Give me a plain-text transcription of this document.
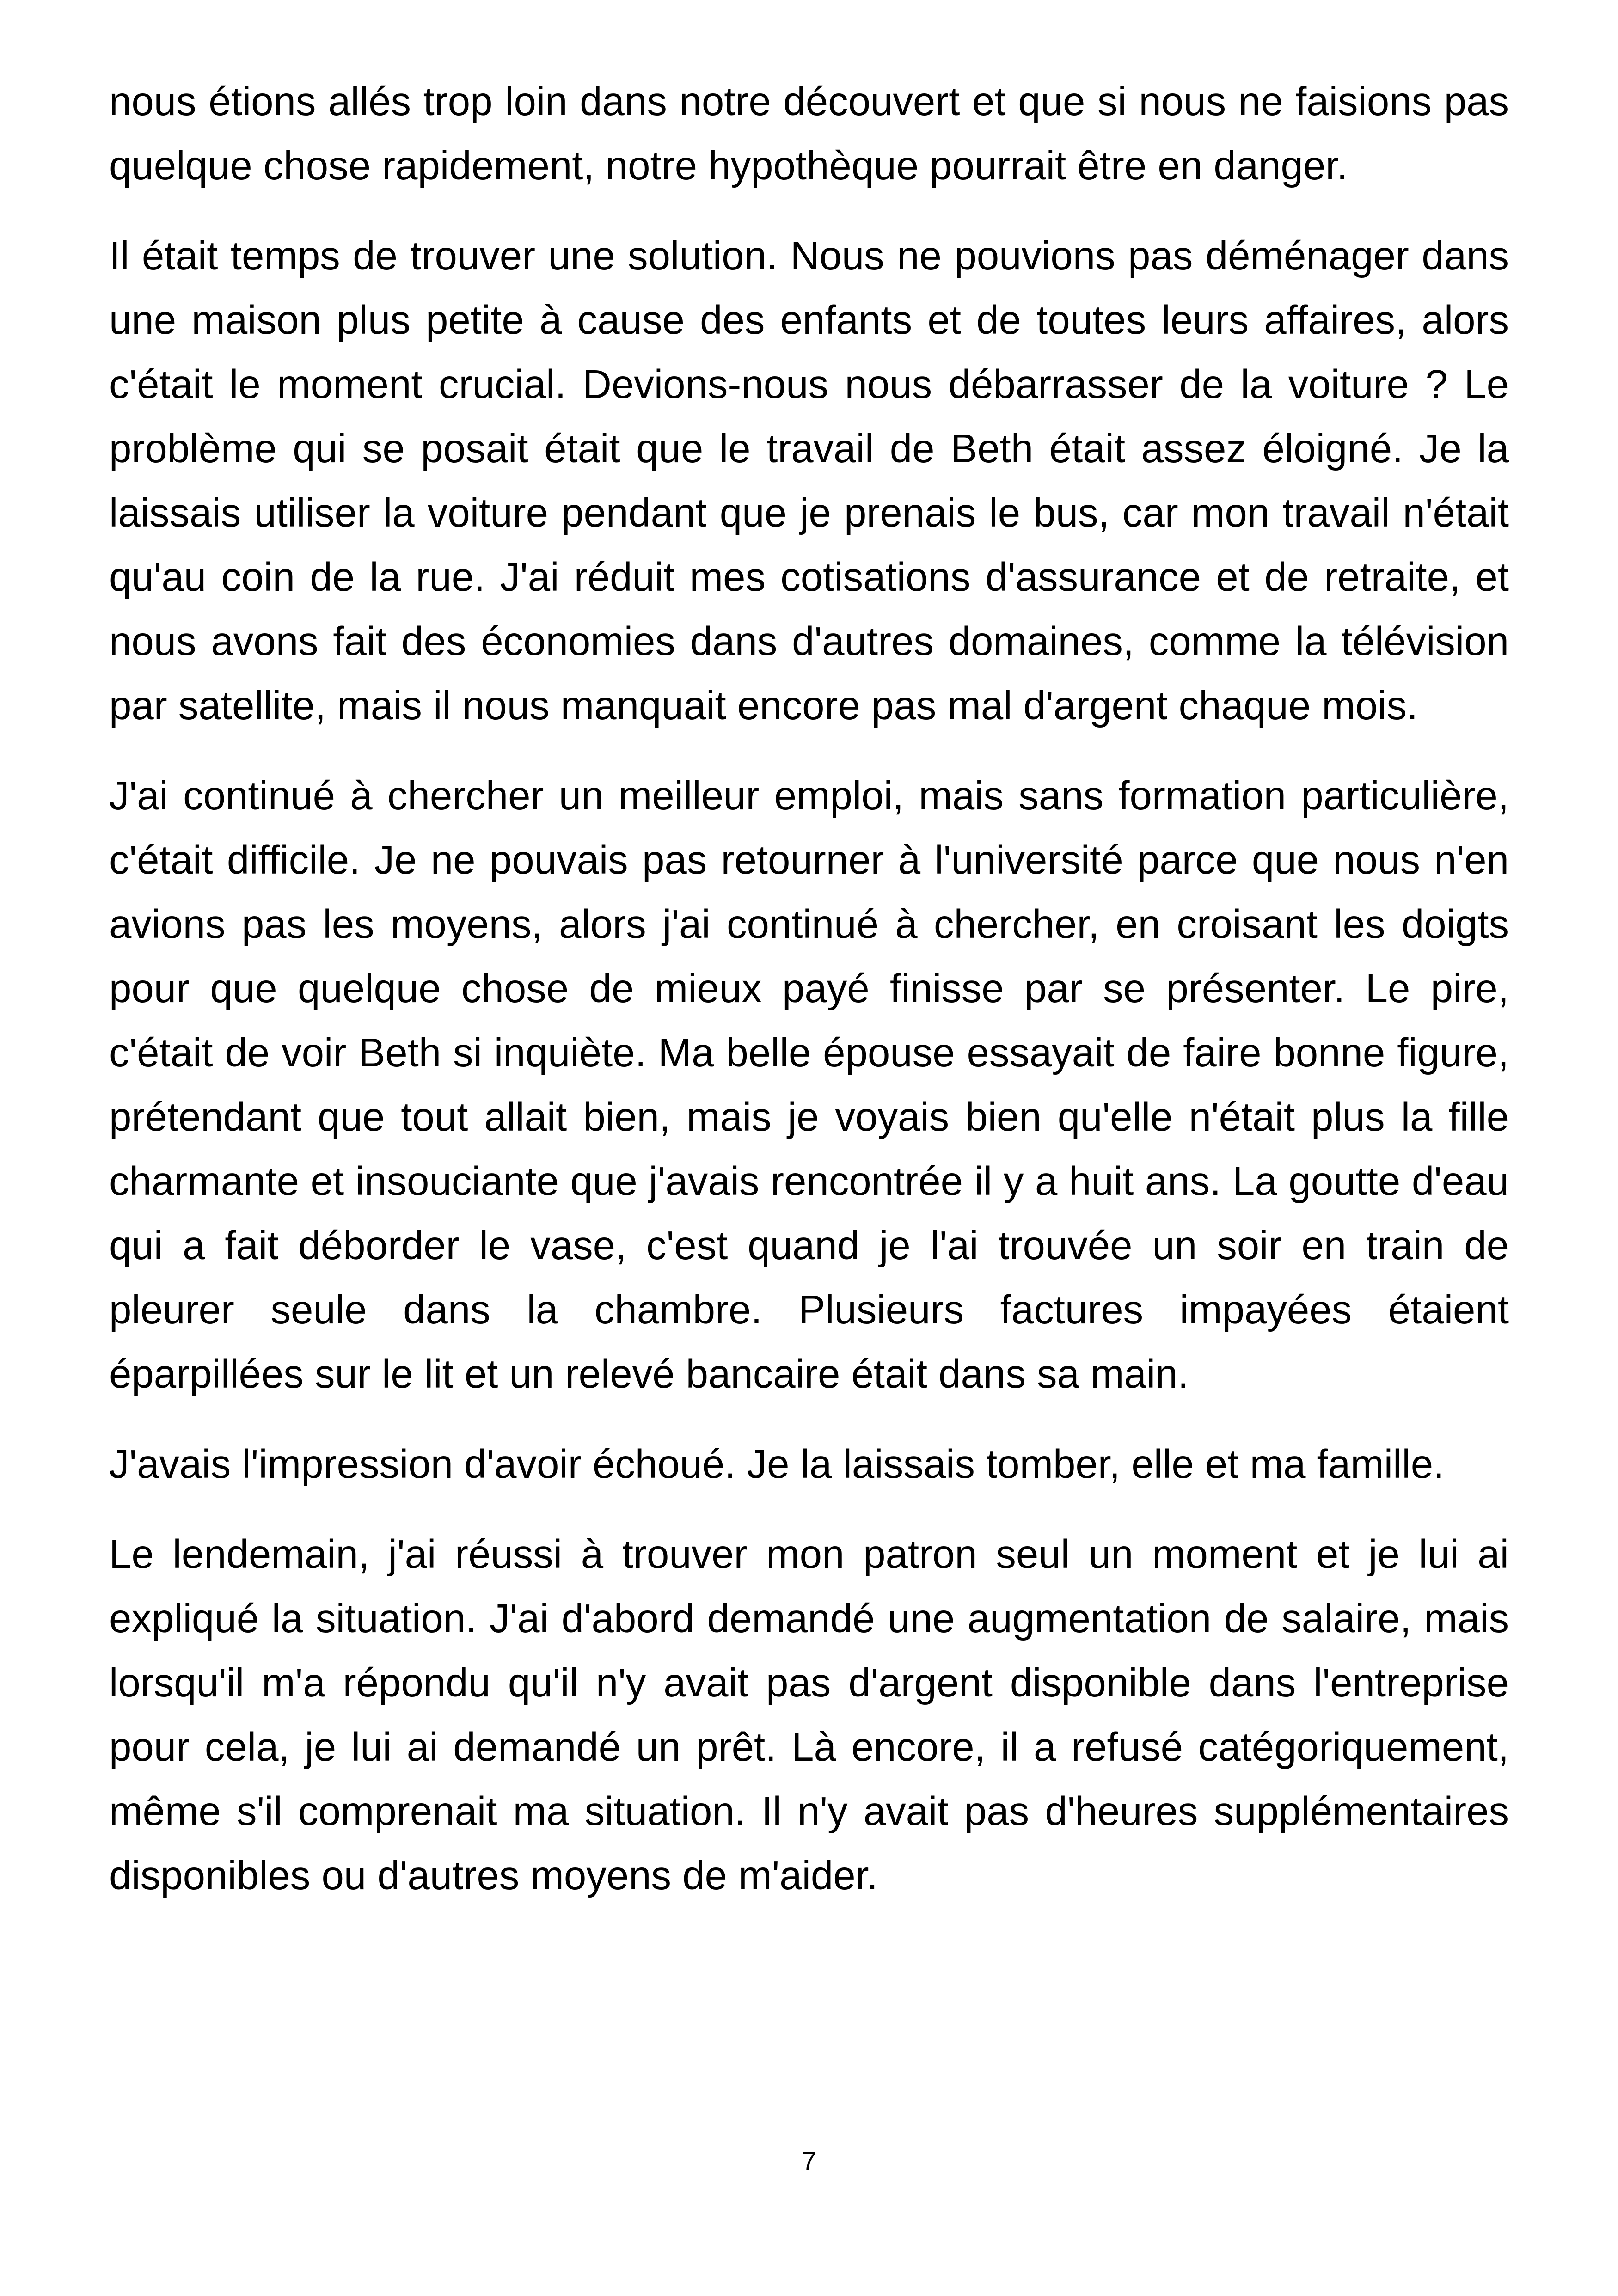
nous étions allés trop loin dans notre découvert et que si nous ne faisions pas quelque chose rapidement, notre hypothèque pourrait être en danger.

Il était temps de trouver une solution. Nous ne pouvions pas déménager dans une maison plus petite à cause des enfants et de toutes leurs affaires, alors c'était le moment crucial. Devions-nous nous débarrasser de la voiture ? Le problème qui se posait était que le travail de Beth était assez éloigné. Je la laissais utiliser la voiture pendant que je prenais le bus, car mon travail n'était qu'au coin de la rue. J'ai réduit mes cotisations d'assurance et de retraite, et nous avons fait des économies dans d'autres domaines, comme la télévision par satellite, mais il nous manquait encore pas mal d'argent chaque mois.

J'ai continué à chercher un meilleur emploi, mais sans formation particulière, c'était difficile. Je ne pouvais pas retourner à l'université parce que nous n'en avions pas les moyens, alors j'ai continué à chercher, en croisant les doigts pour que quelque chose de mieux payé finisse par se présenter. Le pire, c'était de voir Beth si inquiète. Ma belle épouse essayait de faire bonne figure, prétendant que tout allait bien, mais je voyais bien qu'elle n'était plus la fille charmante et insouciante que j'avais rencontrée il y a huit ans. La goutte d'eau qui a fait déborder le vase, c'est quand je l'ai trouvée un soir en train de pleurer seule dans la chambre. Plusieurs factures impayées étaient éparpillées sur le lit et un relevé bancaire était dans sa main.

J'avais l'impression d'avoir échoué. Je la laissais tomber, elle et ma famille.

Le lendemain, j'ai réussi à trouver mon patron seul un moment et je lui ai expliqué la situation. J'ai d'abord demandé une augmentation de salaire, mais lorsqu'il m'a répondu qu'il n'y avait pas d'argent disponible dans l'entreprise pour cela, je lui ai demandé un prêt. Là encore, il a refusé catégoriquement, même s'il comprenait ma situation. Il n'y avait pas d'heures supplémentaires disponibles ou d'autres moyens de m'aider.

7
